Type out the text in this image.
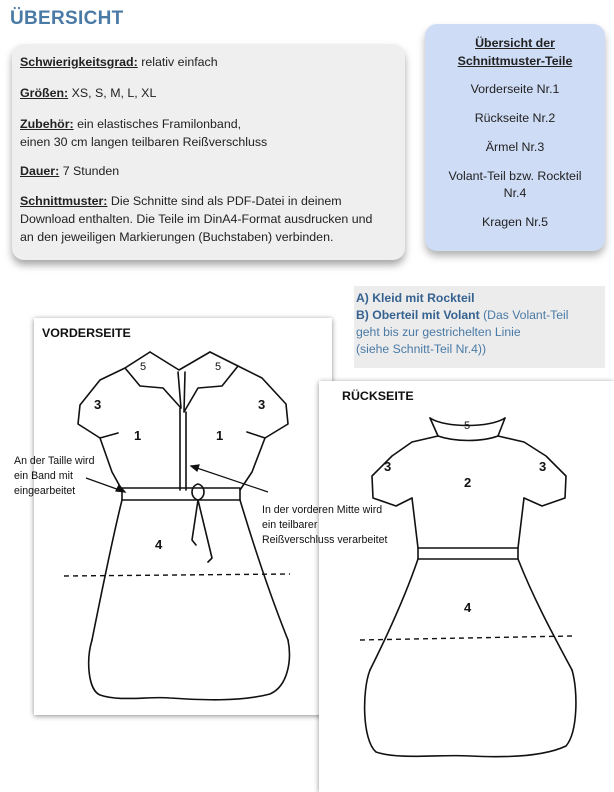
ÜBERSICHT
Schwierigkeitsgrad: relativ einfach
Größen: XS, S, M, L, XL
Zubehör: ein elastisches Framilonband,
einen 30 cm langen teilbaren Reißverschluss
Dauer: 7 Stunden
Schnittmuster: Die Schnitte sind als PDF-Datei in deinem
Download enthalten. Die Teile im DinA4-Format ausdrucken und
an den jeweiligen Markierungen (Buchstaben) verbinden.
Übersicht der
Schnittmuster-Teile
Vorderseite Nr.1
Rückseite Nr.2
Ärmel Nr.3
Volant-Teil bzw. Rockteil
Nr.4
Kragen Nr.5
A) Kleid mit Rockteil
B) Oberteil mit Volant (Das Volant-Teil
geht bis zur gestrichelten Linie
(siehe Schnitt-Teil Nr.4))
VORDERSEITE
RÜCKSEITE
5	5
3	3
1	1
4
An der Taille wird
ein Band mit
eingearbeitet
In der vorderen Mitte wird
ein teilbarer
Reißverschluss verarbeitet
5
3	3
2
4
